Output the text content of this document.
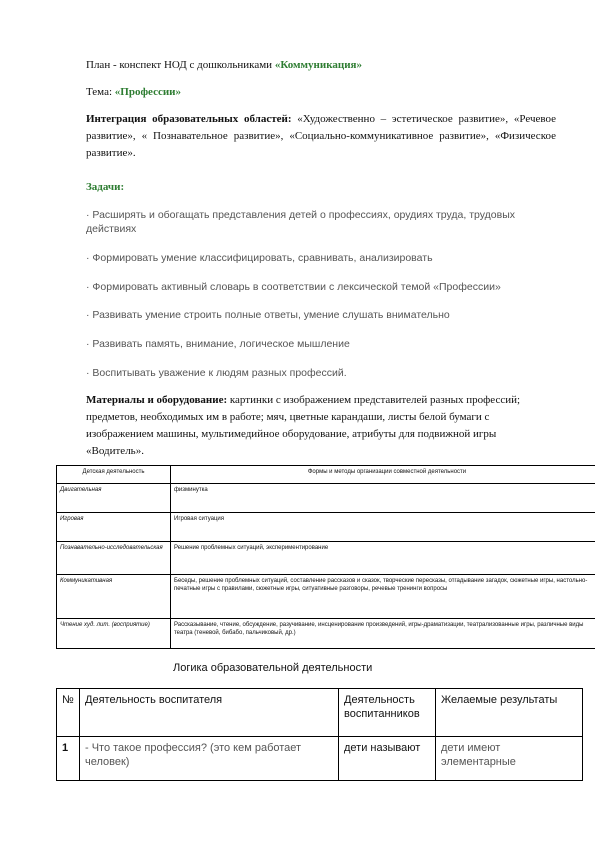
План - конспект НОД с дошкольниками «Коммуникация»
Тема: «Профессии»
Интеграция образовательных областей: «Художественно – эстетическое развитие», «Речевое развитие», « Познавательное развитие», «Социально-коммуникативное развитие», «Физическое развитие».
Задачи:
· Расширять и обогащать представления детей о профессиях, орудиях труда, трудовых действиях
· Формировать умение классифицировать, сравнивать, анализировать
· Формировать активный словарь в соответствии с лексической темой «Профессии»
· Развивать умение строить полные ответы, умение слушать внимательно
· Развивать память, внимание, логическое мышление
· Воспитывать уважение к людям разных профессий.
Материалы и оборудование: картинки с изображением представителей разных профессий; предметов, необходимых им в работе; мяч, цветные карандаши, листы белой бумаги с изображением машины, мультимедийное оборудование, атрибуты для подвижной игры «Водитель».
Детская деятельность	Формы и методы организации совместной деятельности
Двигательная	физминутка
Игровая	Игровая ситуация
Познавательно-исследовательская	Решение проблемных ситуаций, экспериментирование
Коммуникативная	Беседы, решение проблемных ситуаций, составление рассказов и сказок, творческие пересказы, отгадывание загадок, сюжетные игры, настольно-печатные игры с правилами, сюжетные игры, ситуативные разговоры, речевые тренинги вопросы
Чтение худ. лит. (восприятие)	Рассказывание, чтение, обсуждение, разучивание, инсценирование произведений, игры-драматизации, театрализованные игры, различные виды театра (теневой, бибабо, пальчиковый, др.)
Логика образовательной деятельности
№	Деятельность воспитателя	Деятельность воспитанников	Желаемые результаты
1	- Что такое профессия? (это кем работает человек)	дети называют	дети имеют элементарные
